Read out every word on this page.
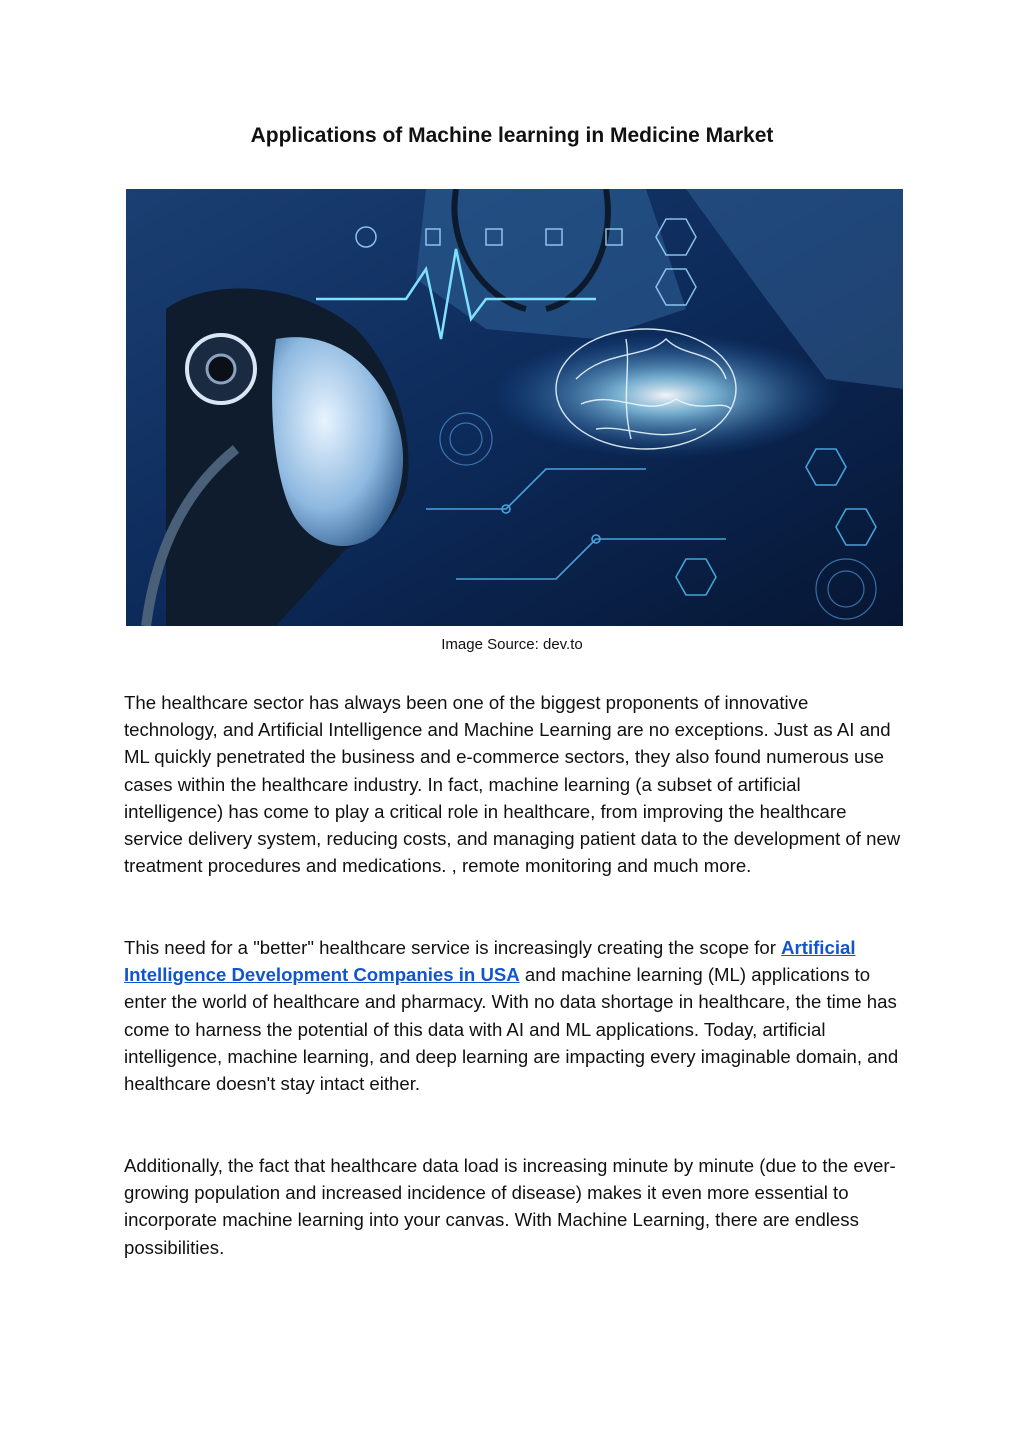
Applications of Machine learning in Medicine Market
Image Source: dev.to

The healthcare sector has always been one of the biggest proponents of innovative technology, and Artificial Intelligence and Machine Learning are no exceptions. Just as AI and ML quickly penetrated the business and e-commerce sectors, they also found numerous use cases within the healthcare industry. In fact, machine learning (a subset of artificial intelligence) has come to play a critical role in healthcare, from improving the healthcare service delivery system, reducing costs, and managing patient data to the development of new treatment procedures and medications. , remote monitoring and much more.

This need for a "better" healthcare service is increasingly creating the scope for Artificial Intelligence Development Companies in USA and machine learning (ML) applications to enter the world of healthcare and pharmacy. With no data shortage in healthcare, the time has come to harness the potential of this data with AI and ML applications. Today, artificial intelligence, machine learning, and deep learning are impacting every imaginable domain, and healthcare doesn't stay intact either.

Additionally, the fact that healthcare data load is increasing minute by minute (due to the ever-growing population and increased incidence of disease) makes it even more essential to incorporate machine learning into your canvas. With Machine Learning, there are endless possibilities.
